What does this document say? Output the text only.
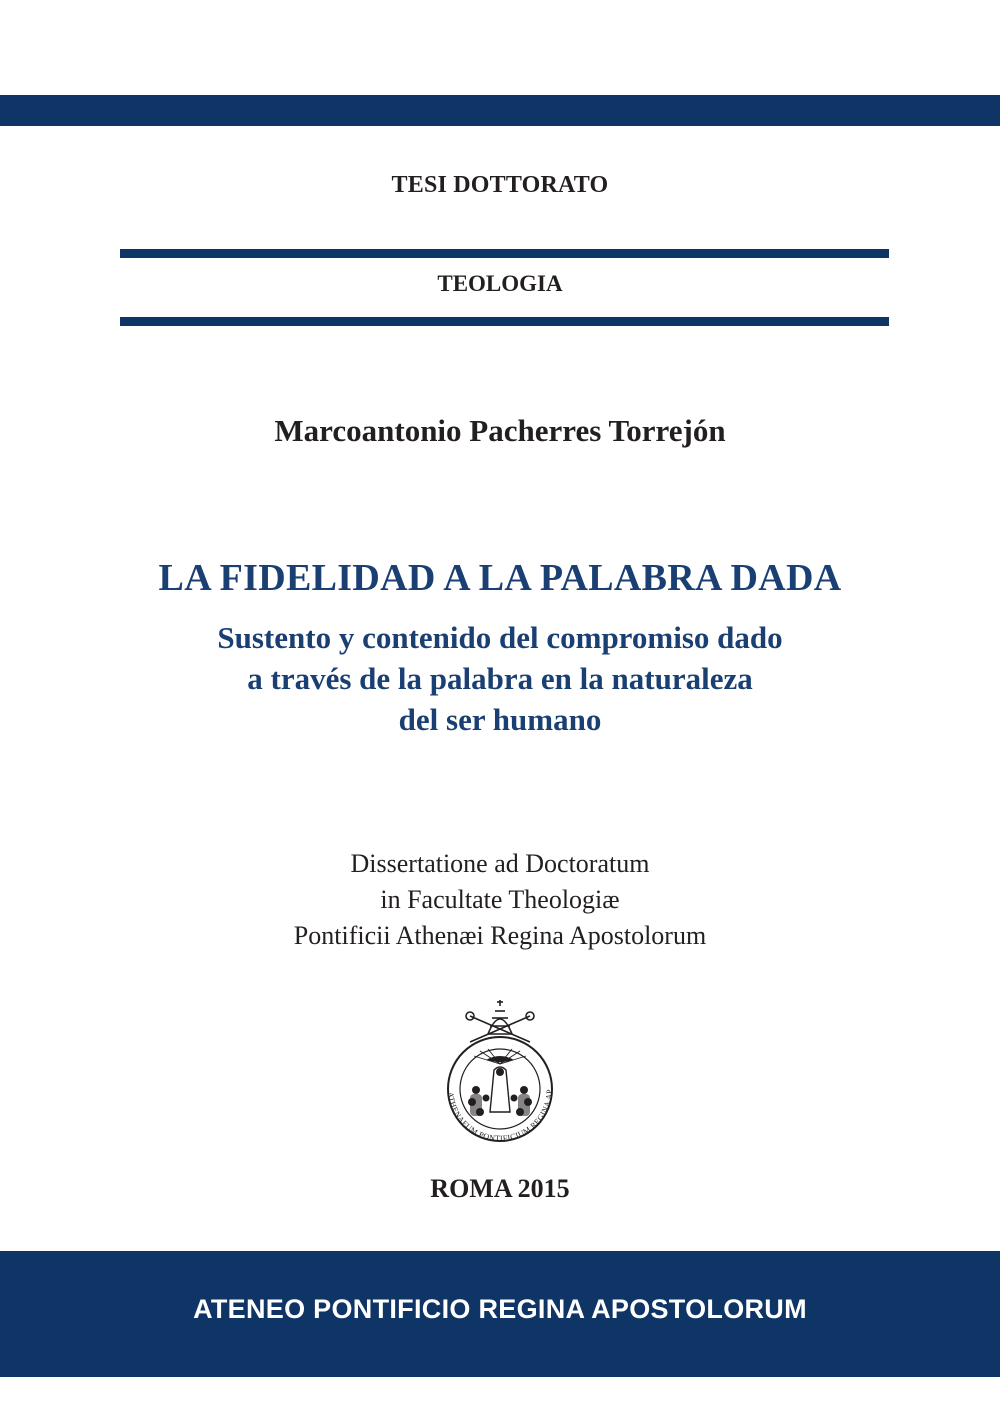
TESI DOTTORATO
TEOLOGIA
Marcoantonio Pacherres Torrejón
LA FIDELIDAD A LA PALABRA DADA
Sustento y contenido del compromiso dado
a través de la palabra en la naturaleza
del ser humano
Dissertatione ad Doctoratum
in Facultate Theologiæ
Pontificii Athenæi Regina Apostolorum
ATHENAEUM PONTIFICIUM REGINA AP
ROMA 2015
ATENEO PONTIFICIO REGINA APOSTOLORUM
